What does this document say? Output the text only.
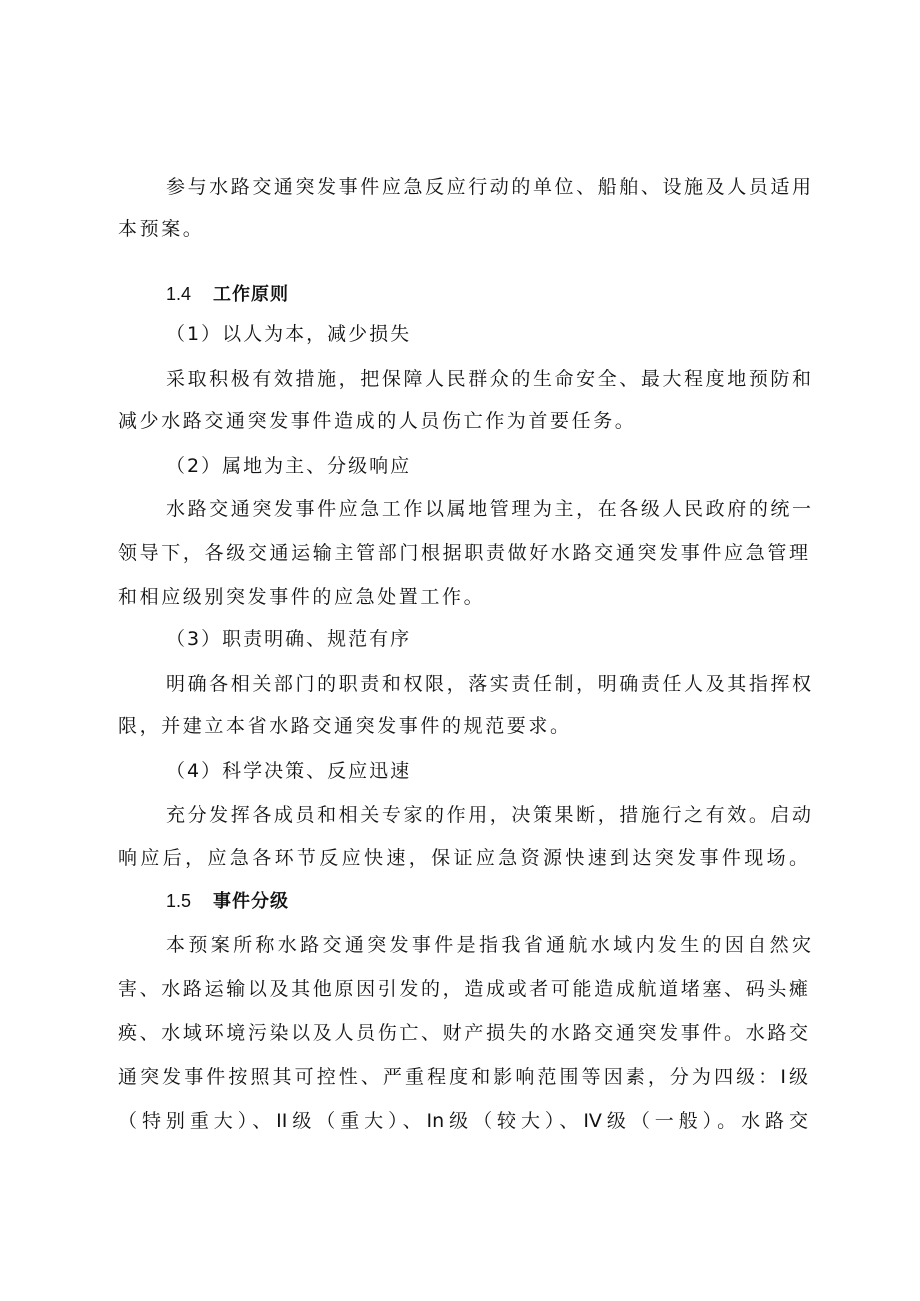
参与水路交通突发事件应急反应行动的单位、船舶、设施及人员适用
本预案。
1.4 工作原则
（1）以人为本，减少损失
采取积极有效措施，把保障人民群众的生命安全、最大程度地预防和
减少水路交通突发事件造成的人员伤亡作为首要任务。
（2）属地为主、分级响应
水路交通突发事件应急工作以属地管理为主，在各级人民政府的统一
领导下，各级交通运输主管部门根据职责做好水路交通突发事件应急管理
和相应级别突发事件的应急处置工作。
（3）职责明确、规范有序
明确各相关部门的职责和权限，落实责任制，明确责任人及其指挥权
限，并建立本省水路交通突发事件的规范要求。
（4）科学决策、反应迅速
充分发挥各成员和相关专家的作用，决策果断，措施行之有效。启动
响应后，应急各环节反应快速，保证应急资源快速到达突发事件现场。
1.5 事件分级
本预案所称水路交通突发事件是指我省通航水域内发生的因自然灾
害、水路运输以及其他原因引发的，造成或者可能造成航道堵塞、码头瘫
痪、水域环境污染以及人员伤亡、财产损失的水路交通突发事件。水路交
通突发事件按照其可控性、严重程度和影响范围等因素，分为四级：I级
（特别重大）、II级（重大）、In级（较大）、IV级（一般）。水路交
